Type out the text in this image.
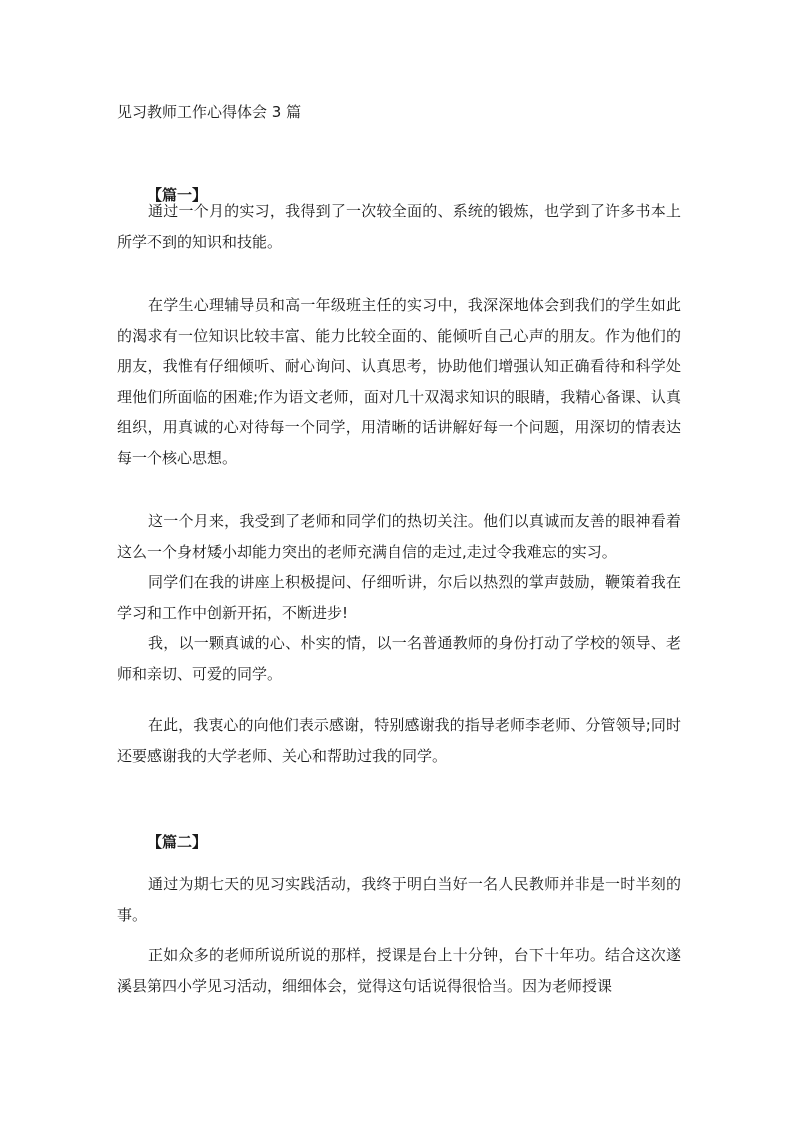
见习教师工作心得体会 3 篇
【篇一】

通过一个月的实习，我得到了一次较全面的、系统的锻炼，也学到了许多书本上所学不到的知识和技能。

在学生心理辅导员和高一年级班主任的实习中，我深深地体会到我们的学生如此的渴求有一位知识比较丰富、能力比较全面的、能倾听自己心声的朋友。作为他们的朋友，我惟有仔细倾听、耐心询问、认真思考，协助他们增强认知正确看待和科学处理他们所面临的困难;作为语文老师，面对几十双渴求知识的眼睛，我精心备课、认真组织，用真诚的心对待每一个同学，用清晰的话讲解好每一个问题，用深切的情表达每一个核心思想。

这一个月来，我受到了老师和同学们的热切关注。他们以真诚而友善的眼神看着这么一个身材矮小却能力突出的老师充满自信的走过,走过令我难忘的实习。

同学们在我的讲座上积极提问、仔细听讲，尔后以热烈的掌声鼓励，鞭策着我在学习和工作中创新开拓，不断进步!

我，以一颗真诚的心、朴实的情，以一名普通教师的身份打动了学校的领导、老师和亲切、可爱的同学。

在此，我衷心的向他们表示感谢，特别感谢我的指导老师李老师、分管领导;同时还要感谢我的大学老师、关心和帮助过我的同学。

【篇二】

通过为期七天的见习实践活动，我终于明白当好一名人民教师并非是一时半刻的事。

正如众多的老师所说所说的那样，授课是台上十分钟，台下十年功。结合这次遂溪县第四小学见习活动，细细体会，觉得这句话说得很恰当。因为老师授课
